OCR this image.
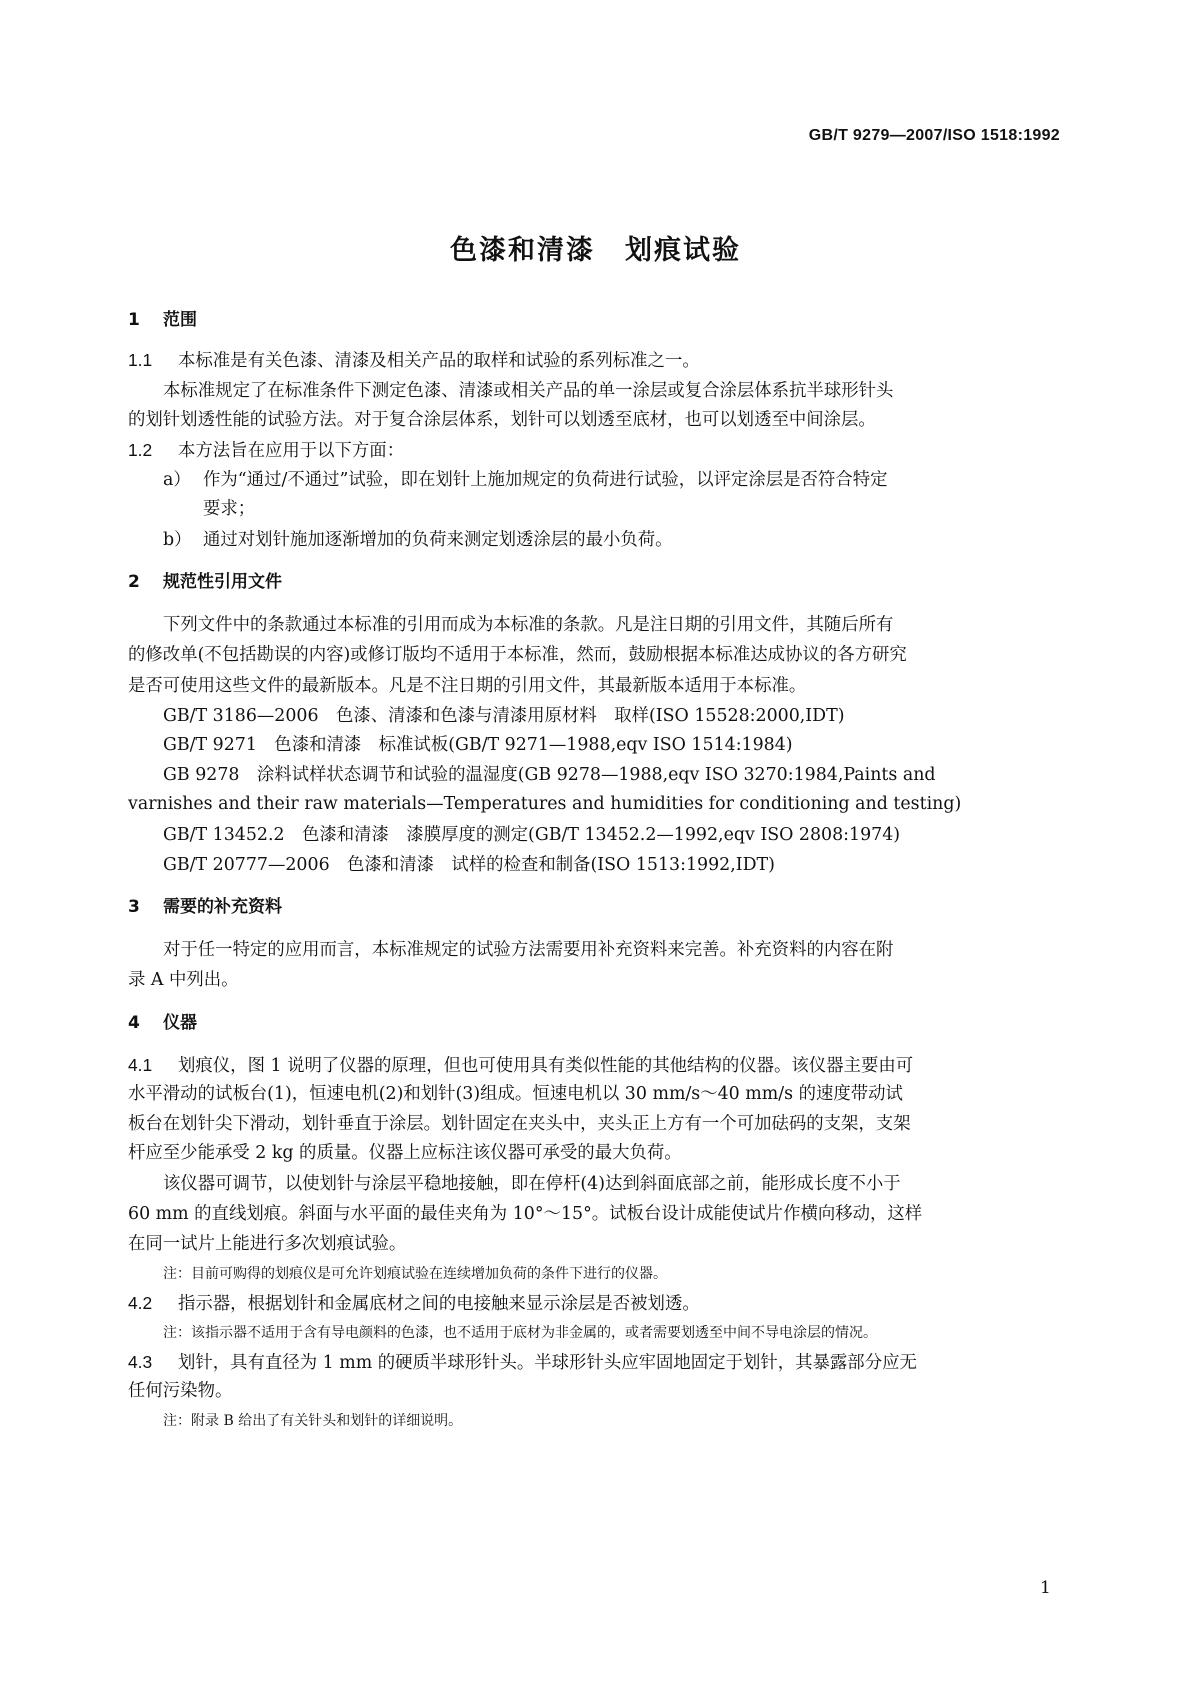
GB/T 9279—2007/ISO 1518:1992
色漆和清漆 划痕试验
1 范围
1.1 本标准是有关色漆、清漆及相关产品的取样和试验的系列标准之一。
本标准规定了在标准条件下测定色漆、清漆或相关产品的单一涂层或复合涂层体系抗半球形针头
的划针划透性能的试验方法。对于复合涂层体系，划针可以划透至底材，也可以划透至中间涂层。
1.2 本方法旨在应用于以下方面：
a） 作为“通过/不通过”试验，即在划针上施加规定的负荷进行试验，以评定涂层是否符合特定
要求；
b） 通过对划针施加逐渐增加的负荷来测定划透涂层的最小负荷。
2 规范性引用文件
下列文件中的条款通过本标准的引用而成为本标准的条款。凡是注日期的引用文件，其随后所有
的修改单(不包括勘误的内容)或修订版均不适用于本标准，然而，鼓励根据本标准达成协议的各方研究
是否可使用这些文件的最新版本。凡是不注日期的引用文件，其最新版本适用于本标准。
GB/T 3186—2006　色漆、清漆和色漆与清漆用原材料　取样(ISO 15528:2000,IDT)
GB/T 9271　色漆和清漆　标准试板(GB/T 9271—1988,eqv ISO 1514:1984)
GB 9278　涂料试样状态调节和试验的温湿度(GB 9278—1988,eqv ISO 3270:1984,Paints and
varnishes and their raw materials—Temperatures and humidities for conditioning and testing)
GB/T 13452.2　色漆和清漆　漆膜厚度的测定(GB/T 13452.2—1992,eqv ISO 2808:1974)
GB/T 20777—2006　色漆和清漆　试样的检查和制备(ISO 1513:1992,IDT)
3 需要的补充资料
对于任一特定的应用而言，本标准规定的试验方法需要用补充资料来完善。补充资料的内容在附
录 A 中列出。
4 仪器
4.1 划痕仪，图 1 说明了仪器的原理，但也可使用具有类似性能的其他结构的仪器。该仪器主要由可
水平滑动的试板台(1)，恒速电机(2)和划针(3)组成。恒速电机以 30 mm/s～40 mm/s 的速度带动试
板台在划针尖下滑动，划针垂直于涂层。划针固定在夹头中，夹头正上方有一个可加砝码的支架，支架
杆应至少能承受 2 kg 的质量。仪器上应标注该仪器可承受的最大负荷。
该仪器可调节，以使划针与涂层平稳地接触，即在停杆(4)达到斜面底部之前，能形成长度不小于
60 mm 的直线划痕。斜面与水平面的最佳夹角为 10°～15°。试板台设计成能使试片作横向移动，这样
在同一试片上能进行多次划痕试验。
注：目前可购得的划痕仪是可允许划痕试验在连续增加负荷的条件下进行的仪器。
4.2 指示器，根据划针和金属底材之间的电接触来显示涂层是否被划透。
注：该指示器不适用于含有导电颜料的色漆，也不适用于底材为非金属的，或者需要划透至中间不导电涂层的情况。
4.3 划针，具有直径为 1 mm 的硬质半球形针头。半球形针头应牢固地固定于划针，其暴露部分应无
任何污染物。
注：附录 B 给出了有关针头和划针的详细说明。
1
